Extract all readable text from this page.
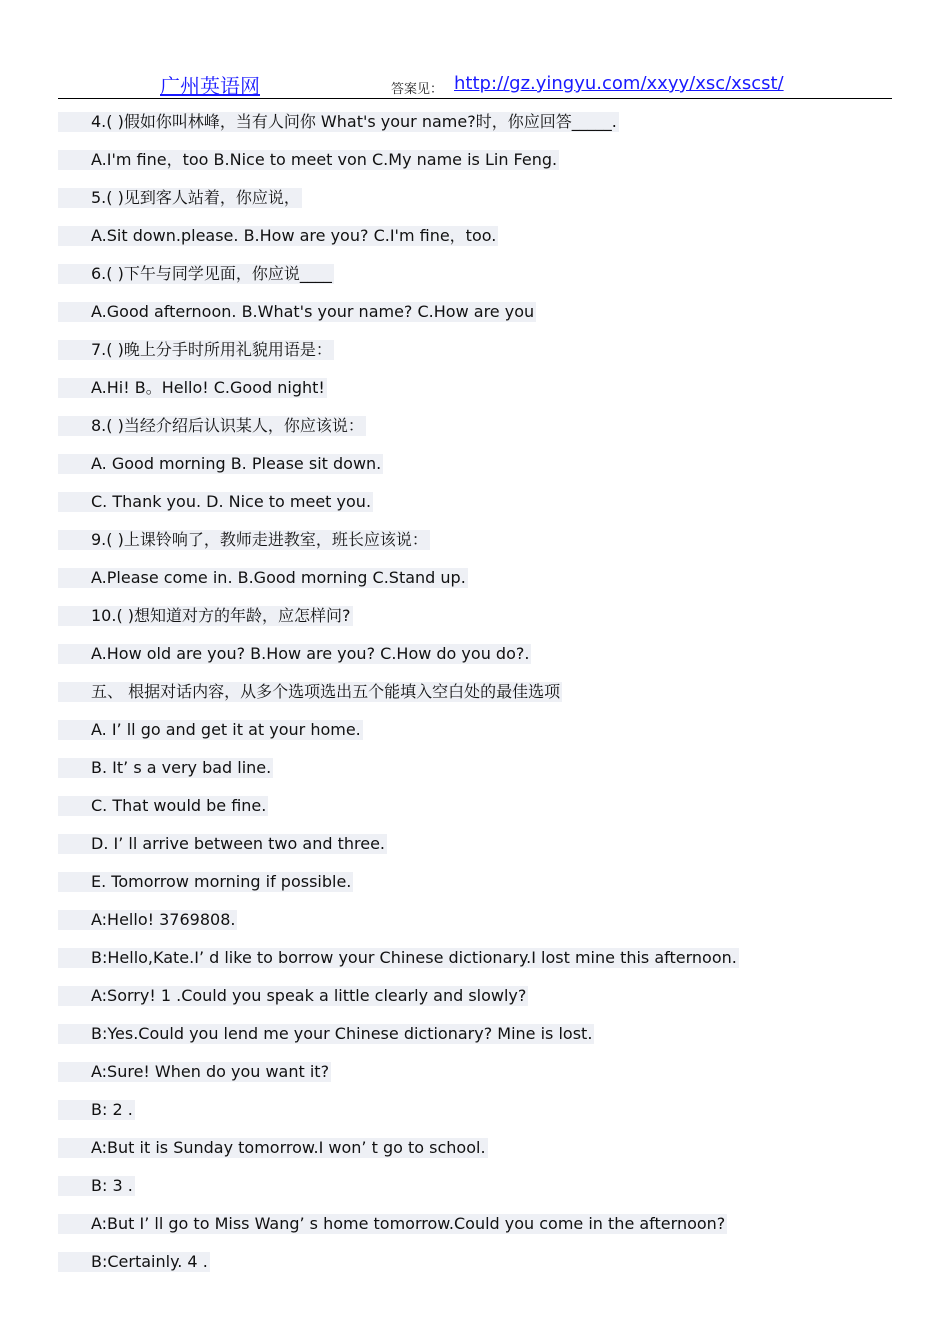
广州英语网	答案见： http://gz.yingyu.com/xxyy/xsc/xscst/
4.( )假如你叫林峰，当有人问你 What's your name?时，你应回答_____.
A.I'm fine，too B.Nice to meet von C.My name is Lin Feng.
5.( )见到客人站着，你应说，
A.Sit down.please. B.How are you? C.I'm fine，too.
6.( )下午与同学见面，你应说____
A.Good afternoon. B.What's your name? C.How are you
7.( )晚上分手时所用礼貌用语是：
A.Hi! B。Hello! C.Good night!
8.( )当经介绍后认识某人，你应该说：
A. Good morning B. Please sit down.
C. Thank you. D. Nice to meet you.
9.( )上课铃响了，教师走进教室，班长应该说：
A.Please come in. B.Good morning C.Stand up.
10.( )想知道对方的年龄，应怎样问?
A.How old are you? B.How are you? C.How do you do?.
五、 根据对话内容，从多个选项选出五个能填入空白处的最佳选项
A. I’ ll go and get it at your home.
B. It’ s a very bad line.
C. That would be fine.
D. I’ ll arrive between two and three.
E. Tomorrow morning if possible.
A:Hello! 3769808.
B:Hello,Kate.I’ d like to borrow your Chinese dictionary.I lost mine this afternoon.
A:Sorry! 1 .Could you speak a little clearly and slowly?
B:Yes.Could you lend me your Chinese dictionary? Mine is lost.
A:Sure! When do you want it?
B: 2 .
A:But it is Sunday tomorrow.I won’ t go to school.
B: 3 .
A:But I’ ll go to Miss Wang’ s home tomorrow.Could you come in the afternoon?
B:Certainly. 4 .
